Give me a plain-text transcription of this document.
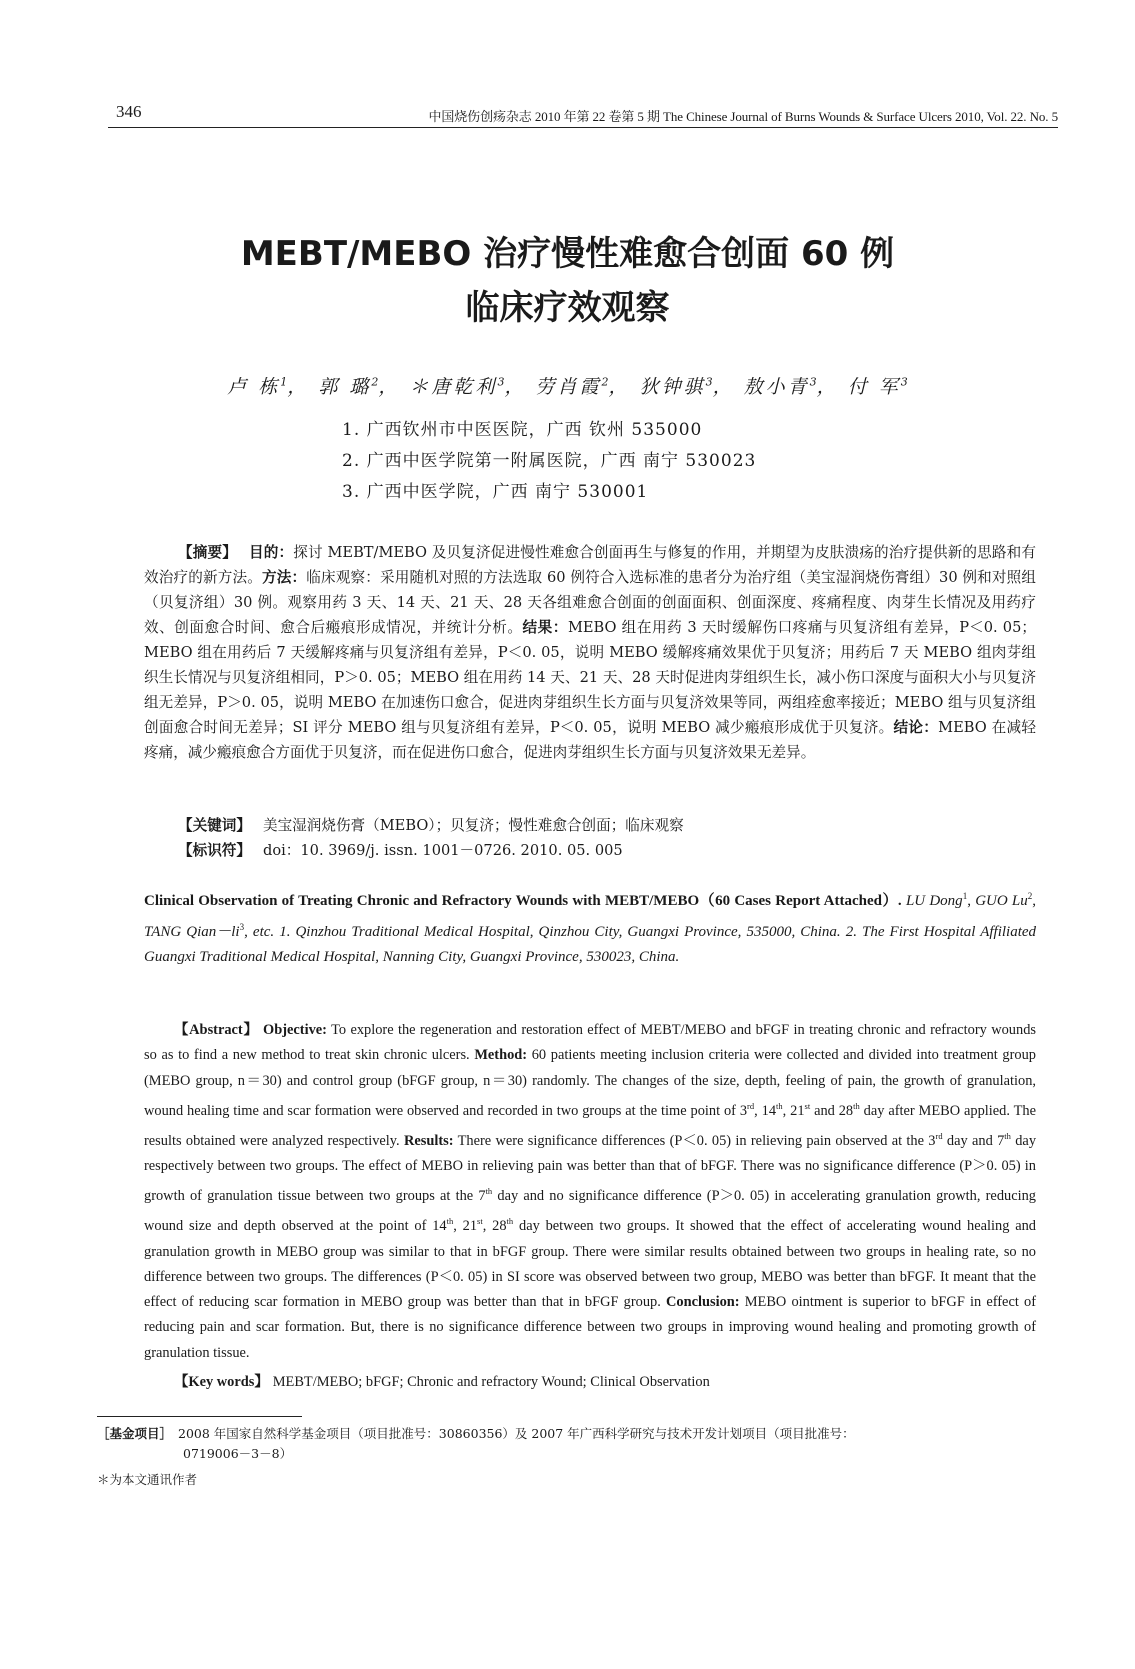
346	中国烧伤创疡杂志 2010 年第 22 卷第 5 期 The Chinese Journal of Burns Wounds & Surface Ulcers 2010, Vol. 22. No. 5
MEBT/MEBO 治疗慢性难愈合创面 60 例
临床疗效观察
卢 栋$^1$， 郭 璐$^2$， ＊唐乾利$^3$， 劳肖霞$^2$， 狄钟骐$^3$， 敖小青$^3$， 付 军$^3$
1. 广西钦州市中医医院，广西 钦州 535000
2. 广西中医学院第一附属医院，广西 南宁 530023
3. 广西中医学院，广西 南宁 530001
【摘要】 目的：探讨 MEBT/MEBO 及贝复济促进慢性难愈合创面再生与修复的作用，并期望为皮肤溃疡的治疗提供新的思路和有效治疗的新方法。方法：临床观察：采用随机对照的方法选取 60 例符合入选标准的患者分为治疗组（美宝湿润烧伤膏组）30 例和对照组（贝复济组）30 例。观察用药 3 天、14 天、21 天、28 天各组难愈合创面的创面面积、创面深度、疼痛程度、肉芽生长情况及用药疗效、创面愈合时间、愈合后瘢痕形成情况，并统计分析。结果：MEBO 组在用药 3 天时缓解伤口疼痛与贝复济组有差异，P＜0. 05；MEBO 组在用药后 7 天缓解疼痛与贝复济组有差异，P＜0. 05，说明 MEBO 缓解疼痛效果优于贝复济；用药后 7 天 MEBO 组肉芽组织生长情况与贝复济组相同，P＞0. 05；MEBO 组在用药 14 天、21 天、28 天时促进肉芽组织生长，减小伤口深度与面积大小与贝复济组无差异，P＞0. 05，说明 MEBO 在加速伤口愈合，促进肉芽组织生长方面与贝复济效果等同，两组痊愈率接近；MEBO 组与贝复济组创面愈合时间无差异；SI 评分 MEBO 组与贝复济组有差异，P＜0. 05，说明 MEBO 减少瘢痕形成优于贝复济。结论：MEBO 在减轻疼痛，减少瘢痕愈合方面优于贝复济，而在促进伤口愈合，促进肉芽组织生长方面与贝复济效果无差异。
【关键词】 美宝湿润烧伤膏（MEBO）；贝复济；慢性难愈合创面；临床观察
【标识符】 doi：10. 3969/j. issn. 1001－0726. 2010. 05. 005
Clinical Observation of Treating Chronic and Refractory Wounds with MEBT/MEBO（60 Cases Report Attached）. LU Dong$^1$, GUO Lu$^2$, TANG $Qian-li^3$, etc. 1. Qinzhou Traditional Medical Hospital, Qinzhou City, Guangxi Province, 535000, China. 2. The First Hospital Affiliated Guangxi Traditional Medical Hospital, Nanning City, Guangxi Province, 530023, China.
【Abstract】 Objective: To explore the regeneration and restoration effect of MEBT/MEBO and bFGF in treating chronic and refractory wounds so as to find a new method to treat skin chronic ulcers. Method: 60 patients meeting inclusion criteria were collected and divided into treatment group (MEBO group, n＝30) and control group (bFGF group, n＝30) randomly. The changes of the size, depth, feeling of pain, the growth of granulation, wound healing time and scar formation were observed and recorded in two groups at the time point of 3rd, 14th, 21st and 28th day after MEBO applied. The results obtained were analyzed respectively. Results: There were significance differences (P＜0. 05) in relieving pain observed at the 3rd day and 7th day respectively between two groups. The effect of MEBO in relieving pain was better than that of bFGF. There was no significance difference (P＞0. 05) in growth of granulation tissue between two groups at the 7th day and no significance difference (P＞0. 05) in accelerating granulation growth, reducing wound size and depth observed at the point of 14th, 21st, 28th day between two groups. It showed that the effect of accelerating wound healing and granulation growth in MEBO group was similar to that in bFGF group. There were similar results obtained between two groups in healing rate, so no difference between two groups. The differences (P＜0. 05) in SI score was observed between two group, MEBO was better than bFGF. It meant that the effect of reducing scar formation in MEBO group was better than that in bFGF group. Conclusion: MEBO ointment is superior to bFGF in effect of reducing pain and scar formation. But, there is no significance difference between two groups in improving wound healing and promoting growth of granulation tissue.
【Key words】 MEBT/MEBO; bFGF; Chronic and refractory Wound; Clinical Observation
［基金项目］ 2008 年国家自然科学基金项目（项目批准号：30860356）及 2007 年广西科学研究与技术开发计划项目（项目批准号：
0719006－3－8）
＊为本文通讯作者
